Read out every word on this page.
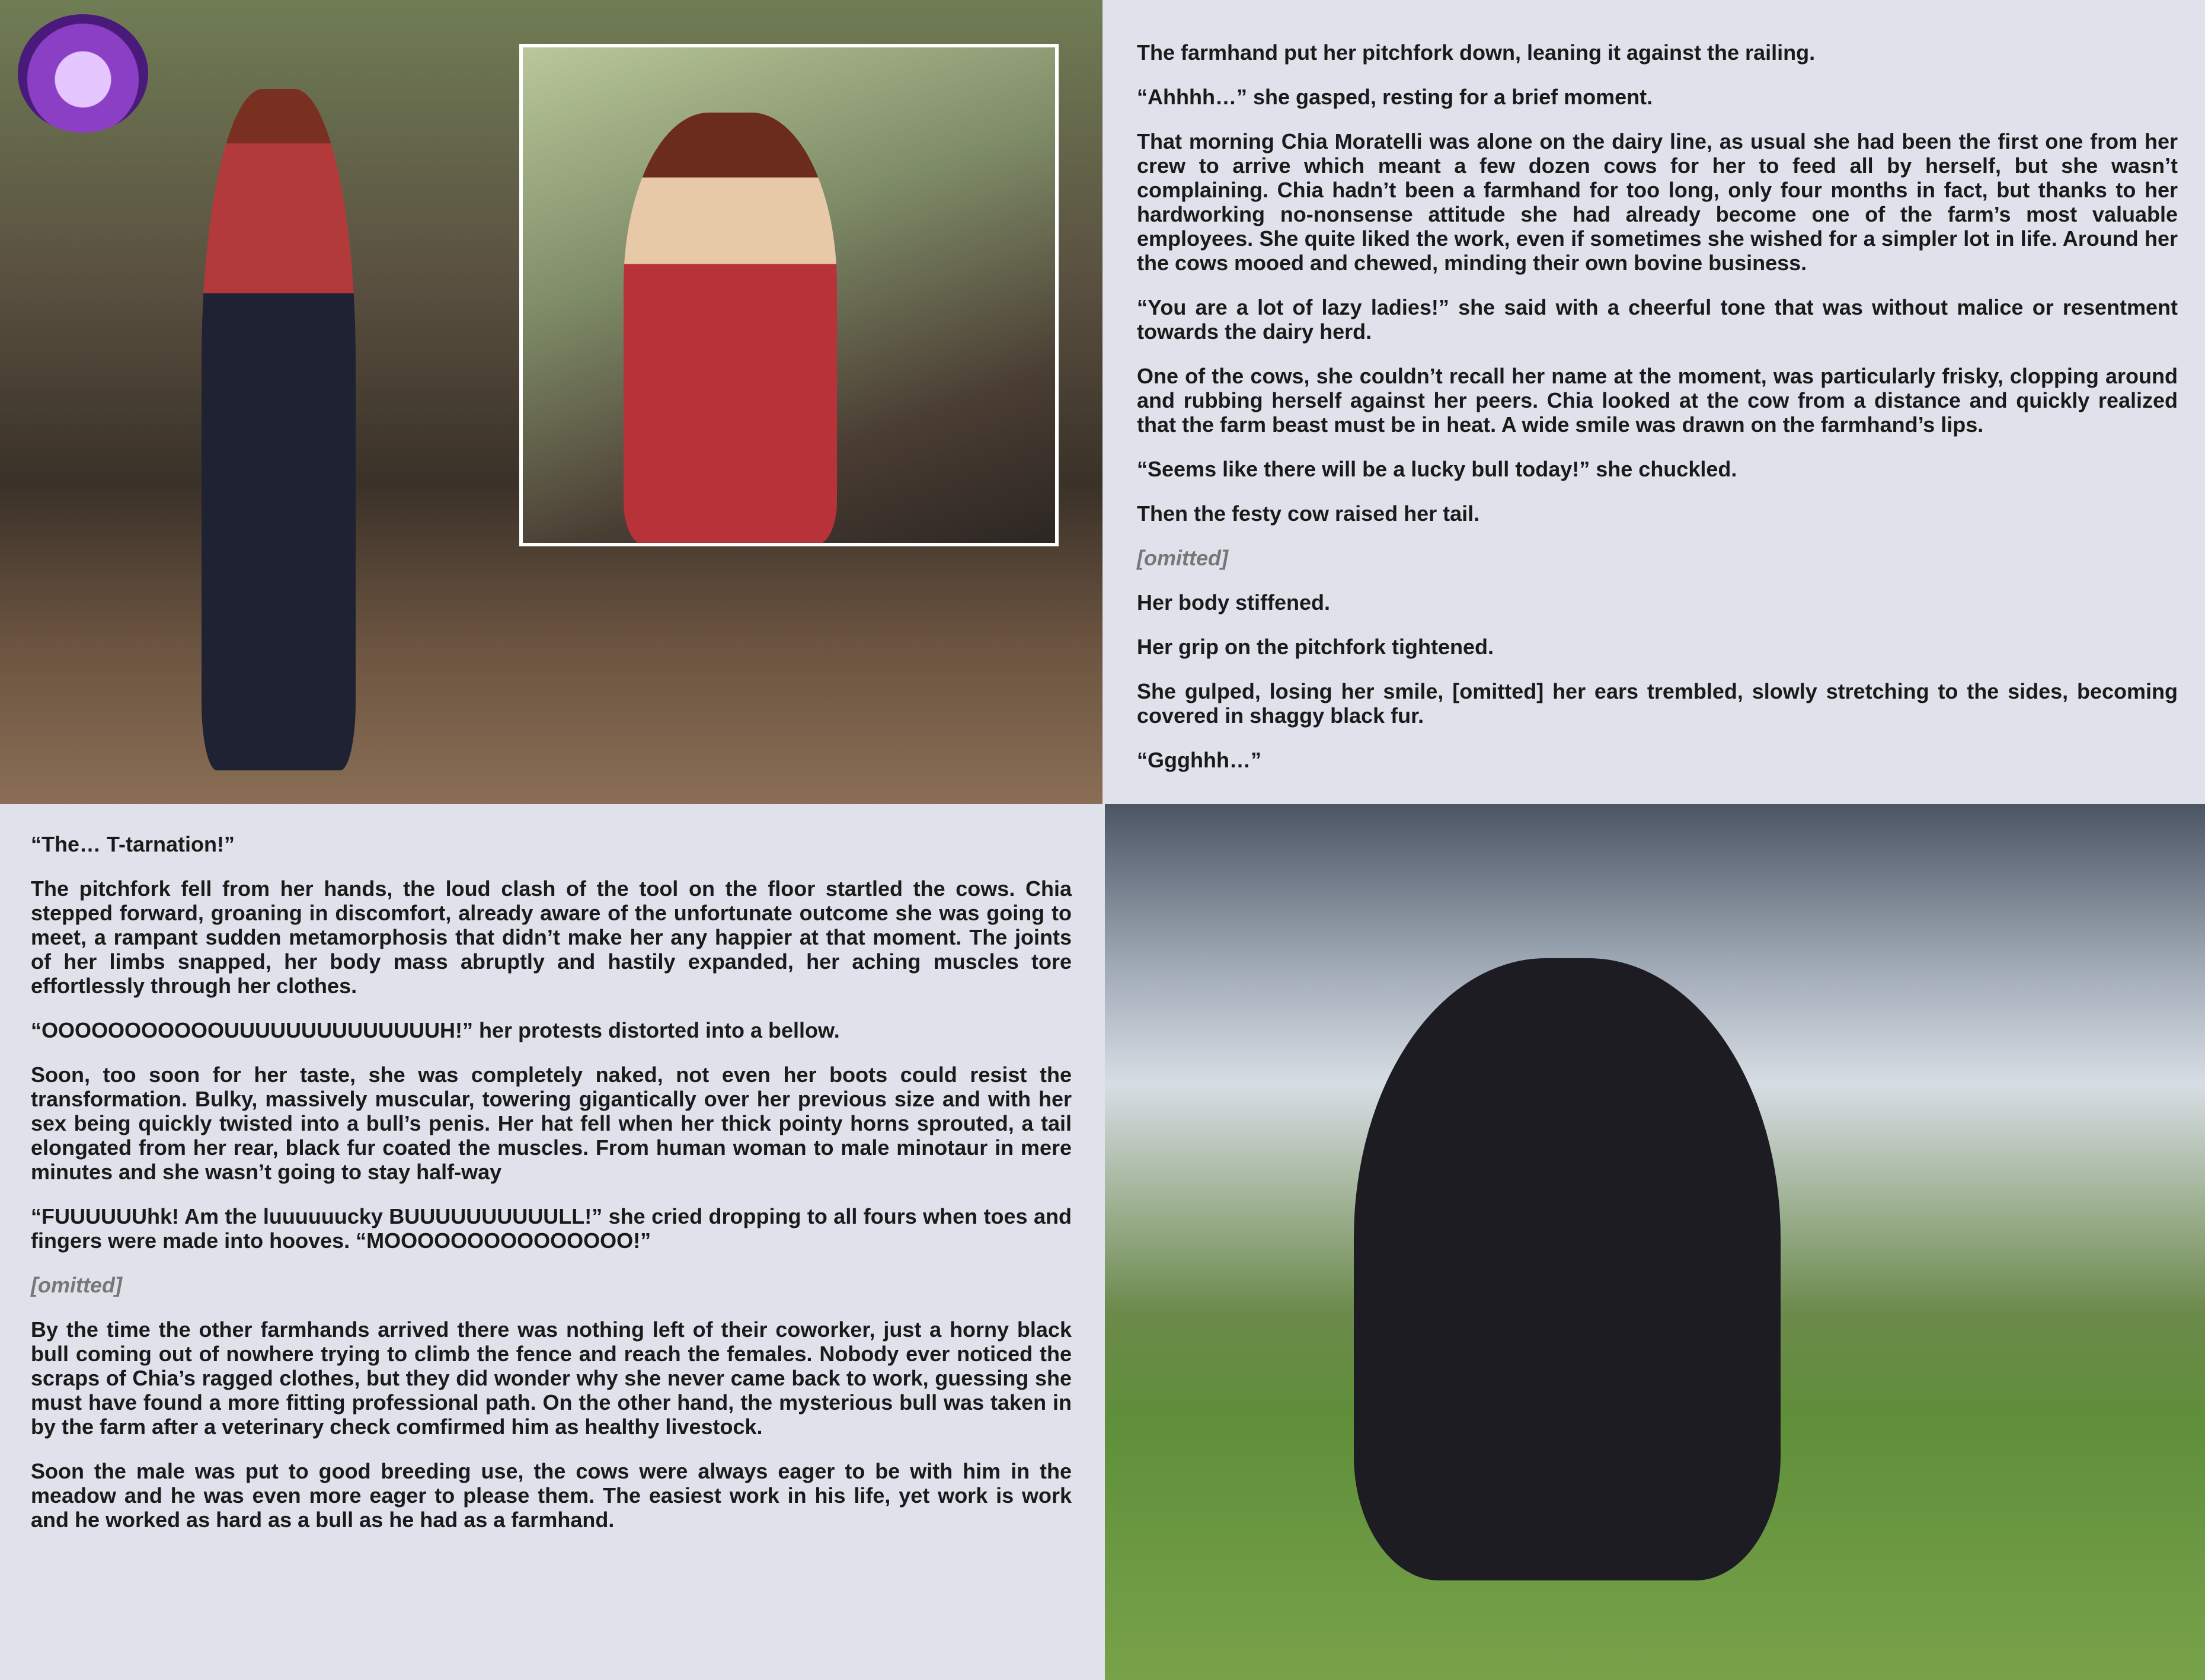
The farmhand put her pitchfork down, leaning it against the railing.

“Ahhhh…” she gasped, resting for a brief moment.

That morning Chia Moratelli was alone on the dairy line, as usual she had been the first one from her crew to arrive which meant a few dozen cows for her to feed all by herself, but she wasn’t complaining. Chia hadn’t been a farmhand for too long, only four months in fact, but thanks to her hardworking no-nonsense attitude she had already become one of the farm’s most valuable employees. She quite liked the work, even if sometimes she wished for a simpler lot in life. Around her the cows mooed and chewed, minding their own bovine business.

“You are a lot of lazy ladies!” she said with a cheerful tone that was without malice or resentment towards the dairy herd.

One of the cows, she couldn’t recall her name at the moment, was particularly frisky, clopping around and rubbing herself against her peers. Chia looked at the cow from a distance and quickly realized that the farm beast must be in heat. A wide smile was drawn on the farmhand’s lips.

“Seems like there will be a lucky bull today!” she chuckled.

Then the festy cow raised her tail.

[omitted]

Her body stiffened.

Her grip on the pitchfork tightened.

She gulped, losing her smile, [omitted] her ears trembled, slowly stretching to the sides, becoming covered in shaggy black fur.

“Ggghhh…”

“The… T-tarnation!”

The pitchfork fell from her hands, the loud clash of the tool on the floor startled the cows. Chia stepped forward, groaning in discomfort, already aware of the unfortunate outcome she was going to meet, a rampant sudden metamorphosis that didn’t make her any happier at that moment. The joints of her limbs snapped, her body mass abruptly and hastily expanded, her aching muscles tore effortlessly through her clothes.

“OOOOOOOOOOOUUUUUUUUUUUUUUH!” her protests distorted into a bellow.

Soon, too soon for her taste, she was completely naked, not even her boots could resist the transformation. Bulky, massively muscular, towering gigantically over her previous size and with her sex being quickly twisted into a bull’s penis. Her hat fell when her thick pointy horns sprouted, a tail elongated from her rear, black fur coated the muscles. From human woman to male minotaur in mere minutes and she wasn’t going to stay half-way

“FUUUUUUhk! Am the luuuuuucky BUUUUUUUUUULL!” she cried dropping to all fours when toes and fingers were made into hooves. “MOOOOOOOOOOOOOOO!”

[omitted]

By the time the other farmhands arrived there was nothing left of their coworker, just a horny black bull coming out of nowhere trying to climb the fence and reach the females. Nobody ever noticed the scraps of Chia’s ragged clothes, but they did wonder why she never came back to work, guessing she must have found a more fitting professional path. On the other hand, the mysterious bull was taken in by the farm after a veterinary check comfirmed him as healthy livestock.

Soon the male was put to good breeding use, the cows were always eager to be with him in the meadow and he was even more eager to please them. The easiest work in his life, yet work is work and he worked as hard as a bull as he had as a farmhand.
